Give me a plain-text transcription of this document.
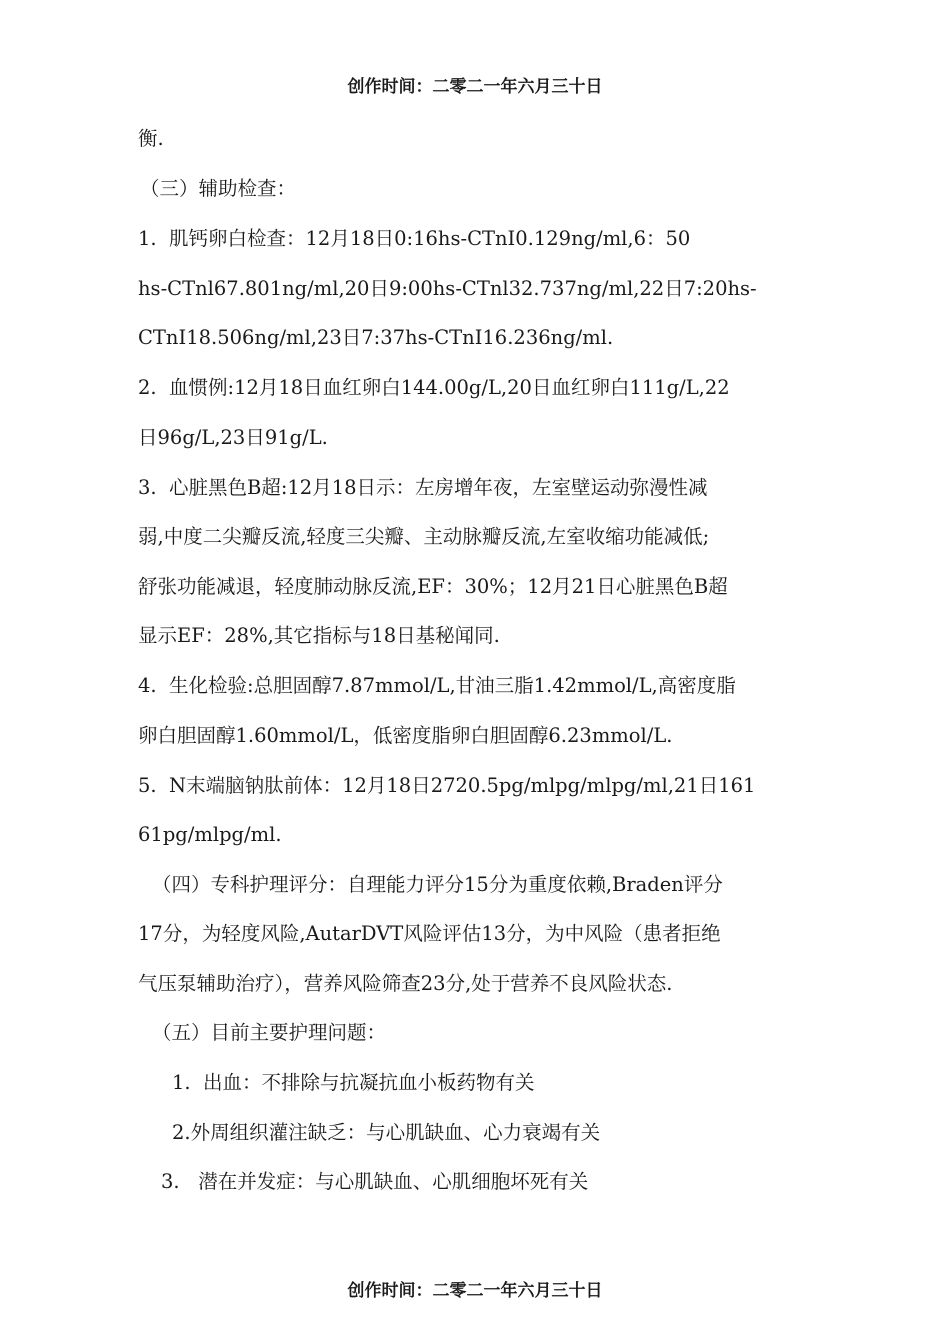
创作时间：二零二一年六月三十日
衡.
（三）辅助检查：
1.  肌钙卵白检查：12月18日0:16hs-CTnI0.129ng/ml,6：50
hs-CTnl67.801ng/ml,20日9:00hs-CTnl32.737ng/ml,22日7:20hs-
CTnI18.506ng/ml,23日7:37hs-CTnI16.236ng/ml.
2.  血惯例:12月18日血红卵白144.00g/L,20日血红卵白111g/L,22
日96g/L,23日91g/L.
3.  心脏黑色B超:12月18日示：左房增年夜，左室壁运动弥漫性减
弱,中度二尖瓣反流,轻度三尖瓣、主动脉瓣反流,左室收缩功能减低;
舒张功能减退，轻度肺动脉反流,EF：30%；12月21日心脏黑色B超
显示EF：28%,其它指标与18日基秘闻同.
4.  生化检验:总胆固醇7.87mmol/L,甘油三脂1.42mmol/L,高密度脂
卵白胆固醇1.60mmol/L，低密度脂卵白胆固醇6.23mmol/L.
5.  N末端脑钠肽前体：12月18日2720.5pg/mlpg/mlpg/ml,21日161
61pg/mlpg/ml.
（四）专科护理评分：自理能力评分15分为重度依赖,Braden评分
17分，为轻度风险,AutarDVT风险评估13分，为中风险（患者拒绝
气压泵辅助治疗），营养风险筛查23分,处于营养不良风险状态.
（五）目前主要护理问题：
1.  出血：不排除与抗凝抗血小板药物有关
2.外周组织灌注缺乏：与心肌缺血、心力衰竭有关
3.   潜在并发症：与心肌缺血、心肌细胞坏死有关
创作时间：二零二一年六月三十日
